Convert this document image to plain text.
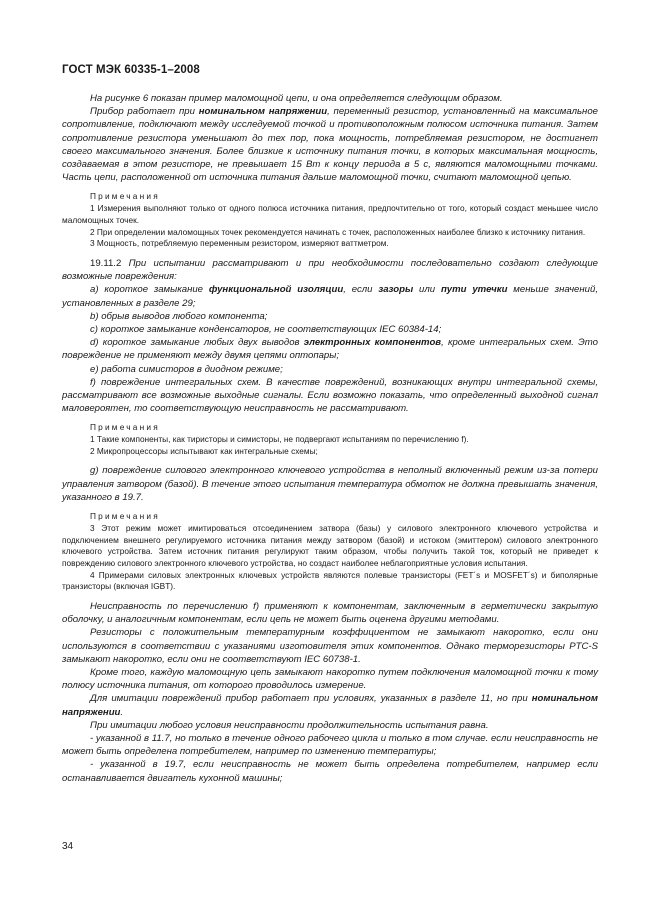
ГОСТ МЭК 60335-1–2008

На рисунке 6 показан пример маломощной цепи, и она определяется следующим образом.

Прибор работает при номинальном напряжении, переменный резистор, установленный на максимальное сопротивление, подключают между исследуемой точкой и противоположным полюсом источника питания. Затем сопротивление резистора уменьшают до тех пор, пока мощность, потребляемая резистором, не достигнет своего максимального значения. Более близкие к источнику питания точки, в которых максимальная мощность, создаваемая в этом резисторе, не превышает 15 Вт к концу периода в 5 с, являются маломощными точками. Часть цепи, расположенной от источника питания дальше маломощной точки, считают маломощной цепью.

Примечания

1 Измерения выполняют только от одного полюса источника питания, предпочтительно от того, который создаст меньшее число маломощных точек.

2 При определении маломощных точек рекомендуется начинать с точек, расположенных наиболее близко к источнику питания.

3 Мощность, потребляемую переменным резистором, измеряют ваттметром.

19.11.2 При испытании рассматривают и при необходимости последовательно создают следующие возможные повреждения:

а) короткое замыкание функциональной изоляции, если зазоры или пути утечки меньше значений, установленных в разделе 29;

b) обрыв выводов любого компонента;

c) короткое замыкание конденсаторов, не соответствующих IEC 60384-14;

d) короткое замыкание любых двух выводов электронных компонентов, кроме интегральных схем. Это повреждение не применяют между двумя цепями оптопары;

e) работа симисторов в диодном режиме;

f) повреждение интегральных схем. В качестве повреждений, возникающих внутри интегральной схемы, рассматривают все возможные выходные сигналы. Если возможно показать, что определенный выходной сигнал маловероятен, то соответствующую неисправность не рассматривают.

Примечания

1 Такие компоненты, как тиристоры и симисторы, не подвергают испытаниям по перечислению f).

2 Микропроцессоры испытывают как интегральные схемы;

g) повреждение силового электронного ключевого устройства в неполный включенный режим из-за потери управления затвором (базой). В течение этого испытания температура обмоток не должна превышать значения, указанного в 19.7.

Примечания

3 Этот режим может имитироваться отсоединением затвора (базы) у силового электронного ключевого устройства и подключением внешнего регулируемого источника питания между затвором (базой) и истоком (эмиттером) силового электронного ключевого устройства. Затем источник питания регулируют таким образом, чтобы получить такой ток, который не приведет к повреждению силового электронного ключевого устройства, но создаст наиболее неблагоприятные условия испытания.

4 Примерами силовых электронных ключевых устройств являются полевые транзисторы (FET´s и MOSFET´s) и биполярные транзисторы (включая IGBT).

Неисправность по перечислению f) применяют к компонентам, заключенным в герметически закрытую оболочку, и аналогичным компонентам, если цепь не может быть оценена другими методами.

Резисторы с положительным температурным коэффициентом не замыкают накоротко, если они используются в соответствии с указаниями изготовителя этих компонентов. Однако терморезисторы PTC-S замыкают накоротко, если они не соответствуют IEC 60738-1.

Кроме того, каждую маломощную цепь замыкают накоротко путем подключения маломощной точки к тому полюсу источника питания, от которого проводилось измерение.

Для имитации повреждений прибор работает при условиях, указанных в разделе 11, но при номинальном напряжении.

При имитации любого условия неисправности продолжительность испытания равна.

- указанной в 11.7, но только в течение одного рабочего цикла и только в том случае. если неисправность не может быть определена потребителем, например по изменению температуры;

- указанной в 19.7, если неисправность не может быть определена потребителем, например если останавливается двигатель кухонной машины;

34
